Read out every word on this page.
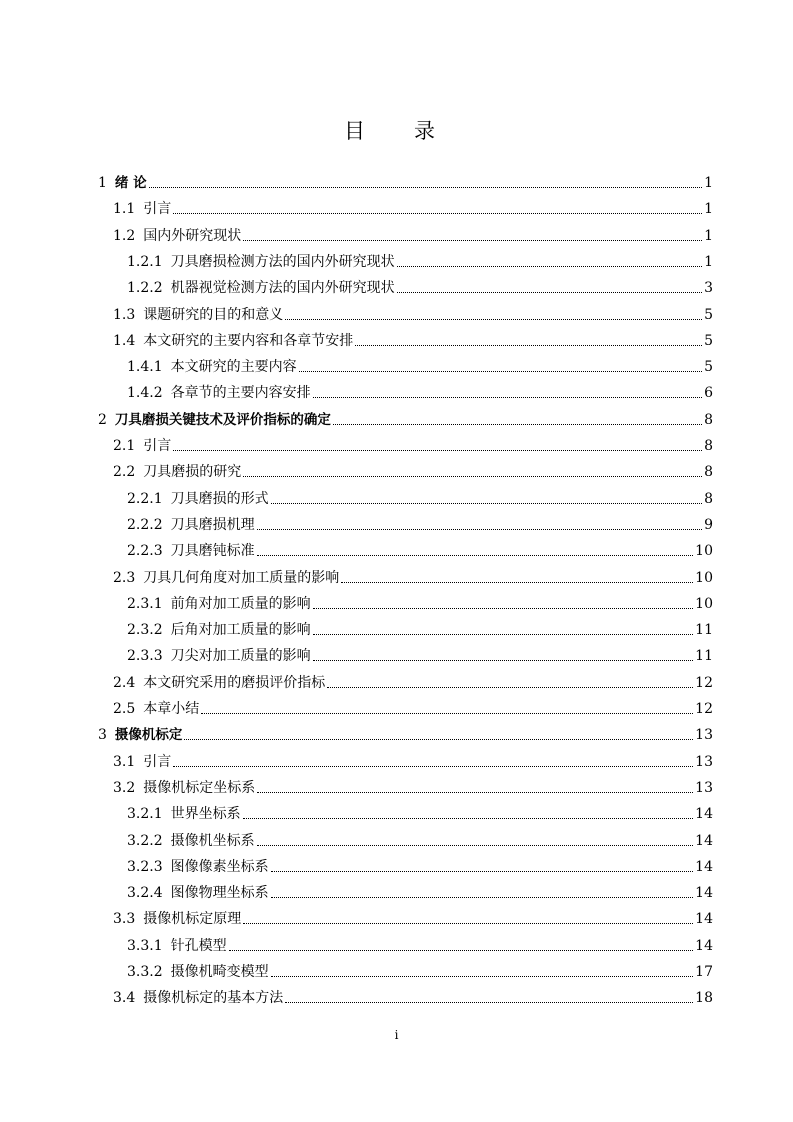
目　录
1 绪 论	1
1.1 引言	1
1.2 国内外研究现状	1
1.2.1 刀具磨损检测方法的国内外研究现状	1
1.2.2 机器视觉检测方法的国内外研究现状	3
1.3 课题研究的目的和意义	5
1.4 本文研究的主要内容和各章节安排	5
1.4.1 本文研究的主要内容	5
1.4.2 各章节的主要内容安排	6
2 刀具磨损关键技术及评价指标的确定	8
2.1 引言	8
2.2 刀具磨损的研究	8
2.2.1 刀具磨损的形式	8
2.2.2 刀具磨损机理	9
2.2.3 刀具磨钝标准	10
2.3 刀具几何角度对加工质量的影响	10
2.3.1 前角对加工质量的影响	10
2.3.2 后角对加工质量的影响	11
2.3.3 刀尖对加工质量的影响	11
2.4 本文研究采用的磨损评价指标	12
2.5 本章小结	12
3 摄像机标定	13
3.1 引言	13
3.2 摄像机标定坐标系	13
3.2.1 世界坐标系	14
3.2.2 摄像机坐标系	14
3.2.3 图像像素坐标系	14
3.2.4 图像物理坐标系	14
3.3 摄像机标定原理	14
3.3.1 针孔模型	14
3.3.2 摄像机畸变模型	17
3.4 摄像机标定的基本方法	18
i
